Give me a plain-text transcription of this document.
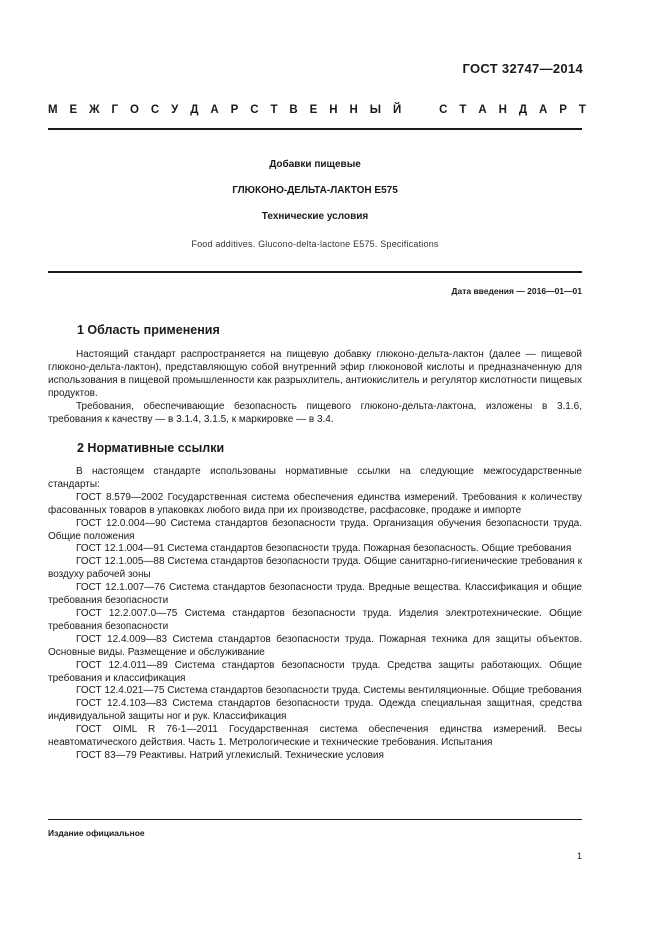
ГОСТ 32747—2014
М Е Ж Г О С У Д А Р С Т В Е Н Н Ы Й	С Т А Н Д А Р Т
Добавки пищевые
ГЛЮКОНО-ДЕЛЬТА-ЛАКТОН Е575
Технические условия
Food additives. Glucono-delta-lactone Е575. Specifications
Дата введения — 2016—01—01
1 Область применения

Настоящий стандарт распространяется на пищевую добавку глюконо-дельта-лактон (далее — пищевой глюконо-дельта-лактон), представляющую собой внутренний эфир глюконовой кислоты и предназначенную для использования в пищевой промышленности как разрыхлитель, антиокислитель и регулятор кислотности пищевых продуктов.

Требования, обеспечивающие безопасность пищевого глюконо-дельта-лактона, изложены в 3.1.6, требования к качеству — в 3.1.4, 3.1.5, к маркировке — в 3.4.

2 Нормативные ссылки

В настоящем стандарте использованы нормативные ссылки на следующие межгосударственные стандарты:

ГОСТ 8.579—2002 Государственная система обеспечения единства измерений. Требования к количеству фасованных товаров в упаковках любого вида при их производстве, расфасовке, продаже и импорте

ГОСТ 12.0.004—90 Система стандартов безопасности труда. Организация обучения безопасности труда. Общие положения

ГОСТ 12.1.004—91 Система стандартов безопасности труда. Пожарная безопасность. Общие требования

ГОСТ 12.1.005—88 Система стандартов безопасности труда. Общие санитарно-гигиенические требования к воздуху рабочей зоны

ГОСТ 12.1.007—76 Система стандартов безопасности труда. Вредные вещества. Классификация и общие требования безопасности

ГОСТ 12.2.007.0—75 Система стандартов безопасности труда. Изделия электротехнические. Общие требования безопасности

ГОСТ 12.4.009—83 Система стандартов безопасности труда. Пожарная техника для защиты объектов. Основные виды. Размещение и обслуживание

ГОСТ 12.4.011—89 Система стандартов безопасности труда. Средства защиты работающих. Общие требования и классификация

ГОСТ 12.4.021—75 Система стандартов безопасности труда. Системы вентиляционные. Общие требования

ГОСТ 12.4.103—83 Система стандартов безопасности труда. Одежда специальная защитная, средства индивидуальной защиты ног и рук. Классификация

ГОСТ OIML R 76-1—2011 Государственная система обеспечения единства измерений. Весы неавтоматического действия. Часть 1. Метрологические и технические требования. Испытания

ГОСТ 83—79 Реактивы. Натрий углекислый. Технические условия

Издание официальное
1
